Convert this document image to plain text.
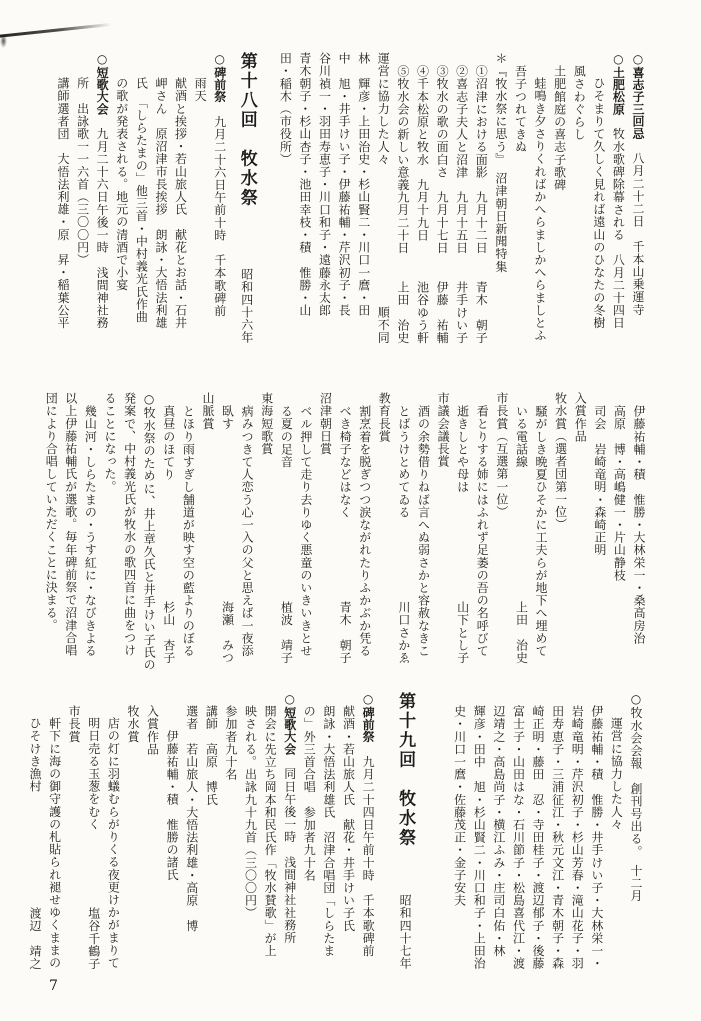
○喜志子三回忌　八月二十二日　千本山乗運寺
○土肥松原　牧水歌碑除幕される　八月二十四日
ひそまりて久しく見れば遠山のひなたの冬樹
風さわぐらし
土肥館庭の喜志子歌碑
蛙鳴き夕さりくればかへらましかへらましとふ
吾子つれてきぬ
＊『牧水祭に思う』　沼津朝日新聞特集
①沼津における面影　九月十二日
青木　朝子
②喜志子夫人と沼津　九月十五日
井手けい子
③牧水の歌の面白さ　九月十七日
伊藤　祐輔
④千本松原と牧水　九月十九日
池谷ゆう軒
⑤牧水会の新しい意義九月二十日
上田　治史
運営に協力した人々
順不同
林　輝彦・上田治史・杉山賢二・川口一麿・田
中　旭・井手けい子・伊藤祐輔・芹沢初子・長
谷川禎一・羽田寿恵子・川口和子・遠藤永太郎
青木朝子・杉山杏子・池田幸枝・積　惟勝・山
田・稲木（市役所）
第十八回　牧水祭
昭和四十六年
○碑前祭　九月二十六日午前十時　千本歌碑前
雨天
献酒と挨拶・若山旅人氏　献花とお話・石井
岬さん　原沼津市長挨拶　朗詠・大悟法利雄
氏　「しらたまの」他三首・中村義光氏作曲
の歌が発表される。地元の清酒で小宴
○短歌大会　九月二十六日午後一時　浅間神社務
所　出詠歌一一六首（三〇〇円）
講師選者団　大悟法利雄・原　昇・稲葉公平
伊藤祐輔・積　惟勝・大林栄一・桑高房治
高原　博・高嶋健一・片山静枝
司会　岩崎竜明・森崎正明
入賞作品
牧水賞（選者団第一位）
騒がしき晩夏ひそかに工夫らが地下へ埋めて
いる電話線
上田　治史
市長賞（互選第一位）
看とりする姉にはふれず足萎の吾の名呼びて
逝きしとや母は
山下とし子
市議会議長賞
酒の余勢借りねば言へぬ弱さかと容赦なきこ
とばうけとめてゐる
川口さかゑ
教育長賞
割烹着を脱ぎつつ涙ながれたりふかぶか凭る
べき椅子などはなく
青木　朝子
沼津朝日賞
ベル押して走り去りゆく悪童のいきいきとせ
る夏の足音
植波　靖子
東海短歌賞
病みつきて人恋う心一入の父と思えば一夜添
臥す
海瀬　みつ
山脈賞
とほり雨すぎし舗道が映す空の藍よりのぼる
真昼のほてり
杉山　杏子
○牧水祭のために、井上章久氏と井手けい子氏の
発案で、中村義光氏が牧水の歌四首に曲をつけ
ることになった。
幾山河・しらたまの・うす紅に・なびきよる
以上伊藤祐輔氏が選歌。毎年碑前祭で沼津合唱
団により合唱していただくことに決まる。
○牧水会会報　創刊号出る。　十二月
運営に協力した人々
伊藤祐輔・積　惟勝・井手けい子・大林栄一・
岩崎竜明・芹沢初子・杉山芳春・滝山花子・羽
田寿恵子・三浦征江・秋元文江・青木朝子・森
崎正明・藤田　忍・寺田桂子・渡辺郁子・後藤
富士子・山田はな・石川節子・松島喜代江・渡
辺靖之・高島尚子・横江ふみ・庄司白佑・林
輝彦・田中　旭・杉山賢二・川口和子・上田治
史・川口一麿・佐藤茂正・金子安夫
第十九回　牧水祭
昭和四十七年
○碑前祭　九月二十四日午前十時　千本歌碑前
献酒・若山旅人氏　献花・井手けい子氏
朗詠・大悟法利雄氏　沼津合唱団「しらたま
の」外三首合唱　参加者九十名
○短歌大会　同日午後一時　浅間神社社務所
開会に先立ち岡本和民氏作「牧水賛歌」が上
映される。出詠九十九首（三〇〇円）
参加者九十名
講師　高原　博氏
選者　若山旅人・大悟法利雄・高原　博
伊藤祐輔・積　惟勝の諸氏
入賞作品
牧水賞
店の灯に羽蟻むらがりくる夜更けかがまりて
明日売る玉葱をむく
塩谷千鶴子
市長賞
軒下に海の御守護の札貼られ褪せゆくままの
ひそけき漁村
渡辺　靖之
7
